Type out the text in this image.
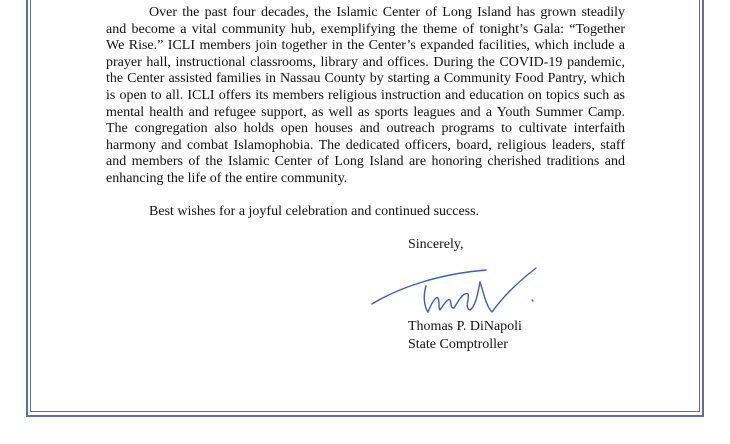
Over the past four decades, the Islamic Center of Long Island has grown steadily and become a vital community hub, exemplifying the theme of tonight’s Gala: “Together We Rise.” ICLI members join together in the Center’s expanded facilities, which include a prayer hall, instructional classrooms, library and offices. During the COVID-19 pandemic, the Center assisted families in Nassau County by starting a Community Food Pantry, which is open to all. ICLI offers its members religious instruction and education on topics such as mental health and refugee support, as well as sports leagues and a Youth Summer Camp. The congregation also holds open houses and outreach programs to cultivate interfaith harmony and combat Islamophobia. The dedicated officers, board, religious leaders, staff and members of the Islamic Center of Long Island are honoring cherished traditions and enhancing the life of the entire community.

Best wishes for a joyful celebration and continued success.

Sincerely,

Thomas P. DiNapoli

State Comptroller
